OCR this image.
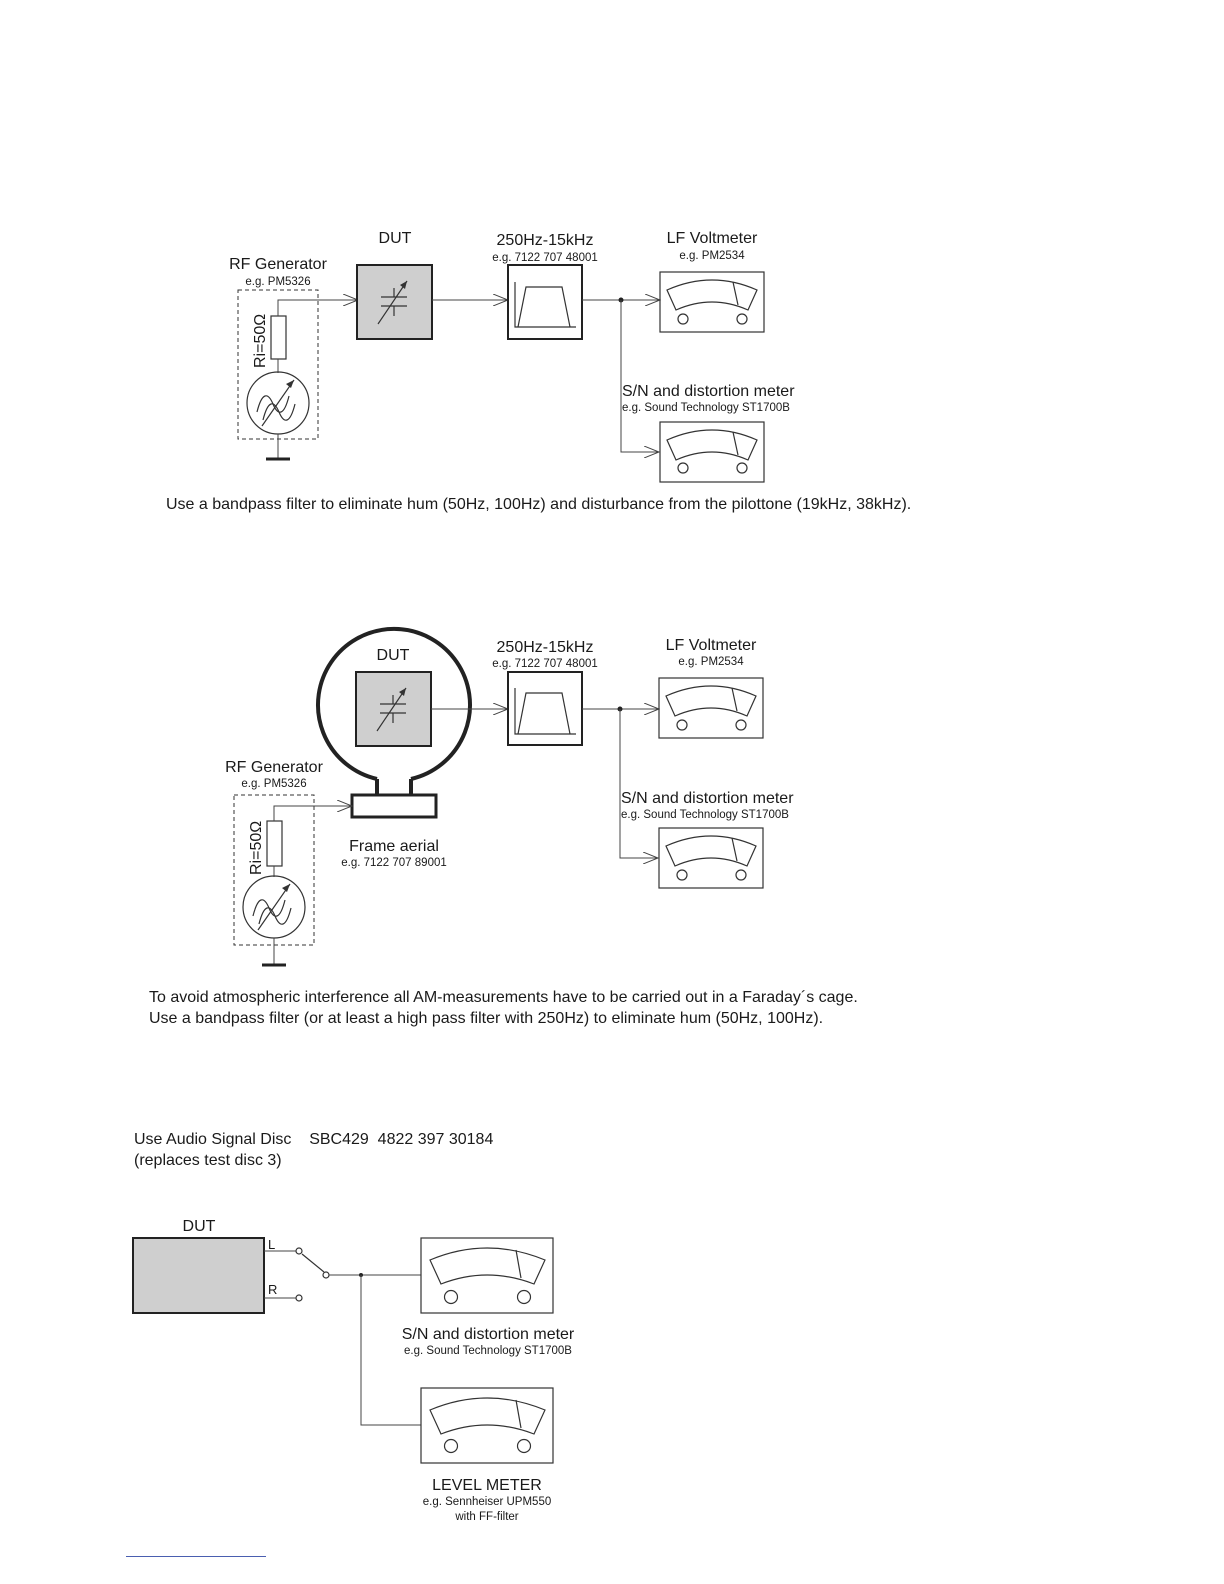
RF Generator
e.g. PM5326
Ri=50Ω
DUT	250Hz-15kHz
e.g. 7122 707 48001
LF Voltmeter
e.g. PM2534
S/N and distortion meter
e.g. Sound Technology ST1700B
Use a bandpass filter to eliminate hum (50Hz, 100Hz) and disturbance from the pilottone (19kHz, 38kHz).
Frame aerial
e.g. 7122 707 89001
DUT
RF Generator
e.g. PM5326
Ri=50Ω
250Hz-15kHz
e.g. 7122 707 48001
LF Voltmeter
e.g. PM2534
S/N and distortion meter
e.g. Sound Technology ST1700B
To avoid atmospheric interference all AM-measurements have to be carried out in a Faraday´s cage.
Use a bandpass filter (or at least a high pass filter with 250Hz) to eliminate hum (50Hz, 100Hz).
Use Audio Signal Disc    SBC429  4822 397 30184
(replaces test disc 3)
DUT
L
R
S/N and distortion meter
e.g. Sound Technology ST1700B
LEVEL METER
e.g. Sennheiser UPM550
with FF-filter
